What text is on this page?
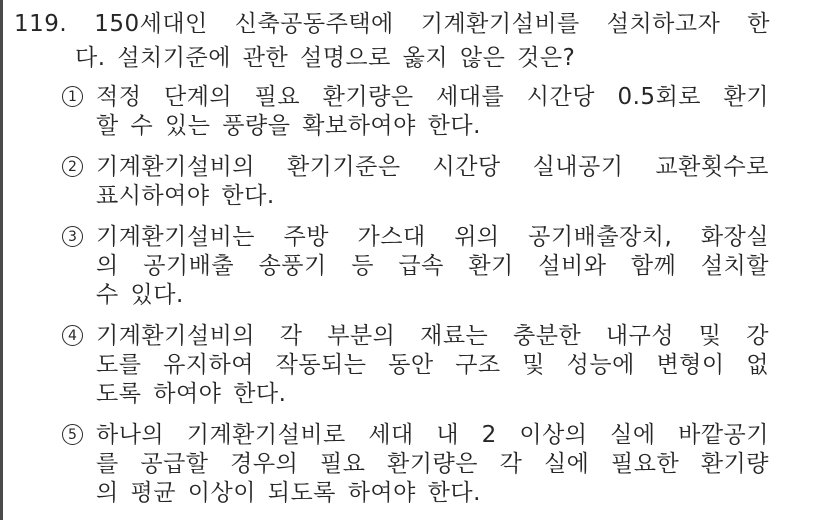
119. 150세대인 신축공동주택에 기계환기설비를 설치하고자 한
다. 설치기준에 관한 설명으로 옳지 않은 것은?
1 적정 단계의 필요 환기량은 세대를 시간당 0.5회로 환기
할 수 있는 풍량을 확보하여야 한다.
2 기계환기설비의 환기기준은 시간당 실내공기 교환횟수로
표시하여야 한다.
3 기계환기설비는 주방 가스대 위의 공기배출장치, 화장실
의 공기배출 송풍기 등 급속 환기 설비와 함께 설치할
수 있다.
4 기계환기설비의 각 부분의 재료는 충분한 내구성 및 강
도를 유지하여 작동되는 동안 구조 및 성능에 변형이 없
도록 하여야 한다.
5 하나의 기계환기설비로 세대 내 2 이상의 실에 바깥공기
를 공급할 경우의 필요 환기량은 각 실에 필요한 환기량
의 평균 이상이 되도록 하여야 한다.
